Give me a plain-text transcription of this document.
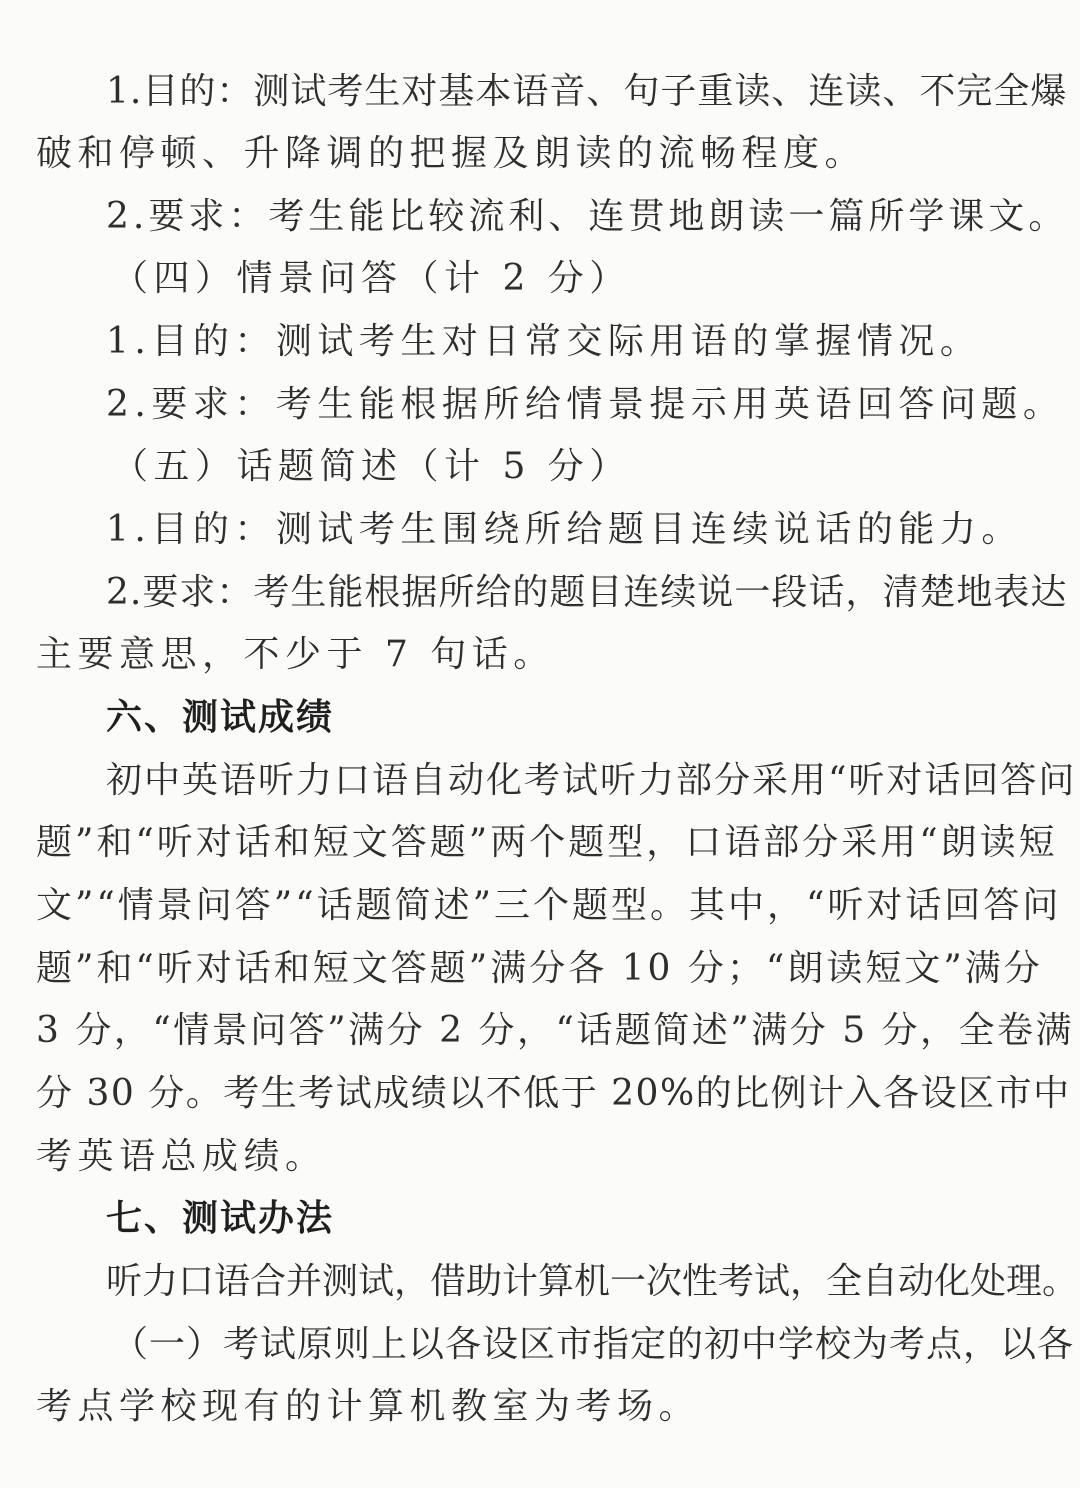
1.目的：测试考生对基本语音、句子重读、连读、不完全爆

破和停顿、升降调的把握及朗读的流畅程度。

2.要求：考生能比较流利、连贯地朗读一篇所学课文。

（四）情景问答（计 2 分）

1.目的：测试考生对日常交际用语的掌握情况。

2.要求：考生能根据所给情景提示用英语回答问题。

（五）话题简述（计 5 分）

1.目的：测试考生围绕所给题目连续说话的能力。

2.要求：考生能根据所给的题目连续说一段话，清楚地表达

主要意思，不少于 7 句话。

六、测试成绩

初中英语听力口语自动化考试听力部分采用“听对话回答问

题”和“听对话和短文答题”两个题型，口语部分采用“朗读短

文”“情景问答”“话题简述”三个题型。其中，“听对话回答问

题”和“听对话和短文答题”满分各 10 分；“朗读短文”满分

3 分，“情景问答”满分 2 分，“话题简述”满分 5 分，全卷满

分 30 分。考生考试成绩以不低于 20%的比例计入各设区市中

考英语总成绩。

七、测试办法

听力口语合并测试，借助计算机一次性考试，全自动化处理。

（一）考试原则上以各设区市指定的初中学校为考点，以各

考点学校现有的计算机教室为考场。
